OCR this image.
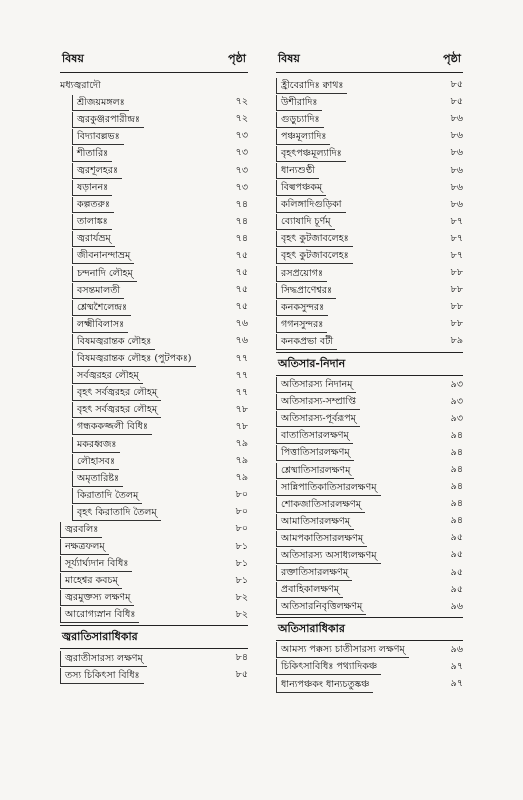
বিষয়	পৃষ্ঠা
মধ্যজ্বরাদৌ
শ্রীজয়মঙ্গলঃ	৭২
জ্বরকুঞ্জরপারীন্দ্রঃ	৭২
বিদ্যাবল্লভঃ	৭৩
শীতারিঃ	৭৩
জ্বরশূলহরঃ	৭৩
ষড়াননঃ	৭৩
কল্পতরুঃ	৭৪
তালাঙ্কঃ	৭৪
জ্বরার্যভ্রম্	৭৪
জীবনানন্দাভ্রম্	৭৫
চন্দনাদি লৌহম্	৭৫
বসন্তমালতী	৭৫
শ্লেষ্মশৈলেন্দ্রঃ	৭৫
লক্ষ্মীবিলাসঃ	৭৬
বিষমজ্বরান্তক লৌহঃ	৭৬
বিষমজ্বরান্তক লৌহঃ (পুটপকঃ)	৭৭
সর্বজ্বরহর লৌহম্	৭৭
বৃহৎ সর্বজ্বরহর লৌহম্	৭৭
বৃহৎ সর্বজ্বরহর লৌহম্	৭৮
গন্ধককজ্জলী বিধিঃ	৭৮
মকরধ্বজঃ	৭৯
লৌহাসবঃ	৭৯
অমৃতারিষ্টঃ	৭৯
কিরাতাদি তৈলম্	৮০
বৃহৎ কিরাতাদি তৈলম্	৮০
জ্বরবলিঃ	৮০
নক্ষত্রফলম্	৮১
সূর্য্যার্ঘ্যদান বিধিঃ	৮১
মাহেশ্বর কবচম্	৮১
জ্বরমুক্তস্য লক্ষণম্	৮২
আরোগ্যস্নান বিধিঃ	৮২
জ্বরাতিসারাধিকার
জ্বরাতীসারস্য লক্ষণম্	৮৪
তস্য চিকিৎসা বিধিঃ	৮৫
বিষয়	পৃষ্ঠা
হ্রীবেরাদিঃ ক্বাথঃ	৮৫
উশীরাদিঃ	৮৫
গুড়ুচ্যাদিঃ	৮৬
পঞ্চমূল্যাদিঃ	৮৬
বৃহৎপঞ্চমূল্যাদিঃ	৮৬
ধান্যশুণ্ঠী	৮৬
বিল্বপঞ্চকম্	৮৬
কলিঙ্গাদিগুড়িকা	৮৬
ব্যোষাদি চূর্ণম্	৮৭
বৃহৎ কুটজাবলেহঃ	৮৭
বৃহৎ কুটজাবলেহঃ	৮৭
রসপ্রয়োগঃ	৮৮
সিদ্ধপ্রাণেশ্বরঃ	৮৮
কনকসুন্দরঃ	৮৮
গগনসুন্দরঃ	৮৮
কনকপ্রভা বটী	৮৯
অতিসার-নিদান
অতিসারস্য নিদানম্	৯৩
অতিসারস্য-সম্প্রাপ্তি	৯৩
অতিসারস্য-পূর্বরূপম্	৯৩
বাতাতিসারলক্ষণম্	৯৪
পিত্তাতিসারলক্ষণম্	৯৪
শ্লেষ্মাতিসারলক্ষণম্	৯৪
সান্নিপাতিকাতিসারলক্ষণম্	৯৪
শোকজাতিসারলক্ষণম্	৯৪
আমাতিসারলক্ষণম্	৯৪
আমপকাতিসারলক্ষণম্	৯৫
অতিসারস্য অসাধ্যলক্ষণম্	৯৫
রক্তাতিসারলক্ষণম্	৯৫
প্রবাহিকালক্ষণম্	৯৫
অতিসারনিবৃত্তিলক্ষণম্	৯৬
অতিসারাধিকার
আমস্য পক্কস্য চাতীসারস্য লক্ষণম্	৯৬
চিকিৎসাবিধিঃ পথ্যাদিকঞ্চ	৯৭
ধান্যপঞ্চকং ধান্যচতুষ্কঞ্চ	৯৭
